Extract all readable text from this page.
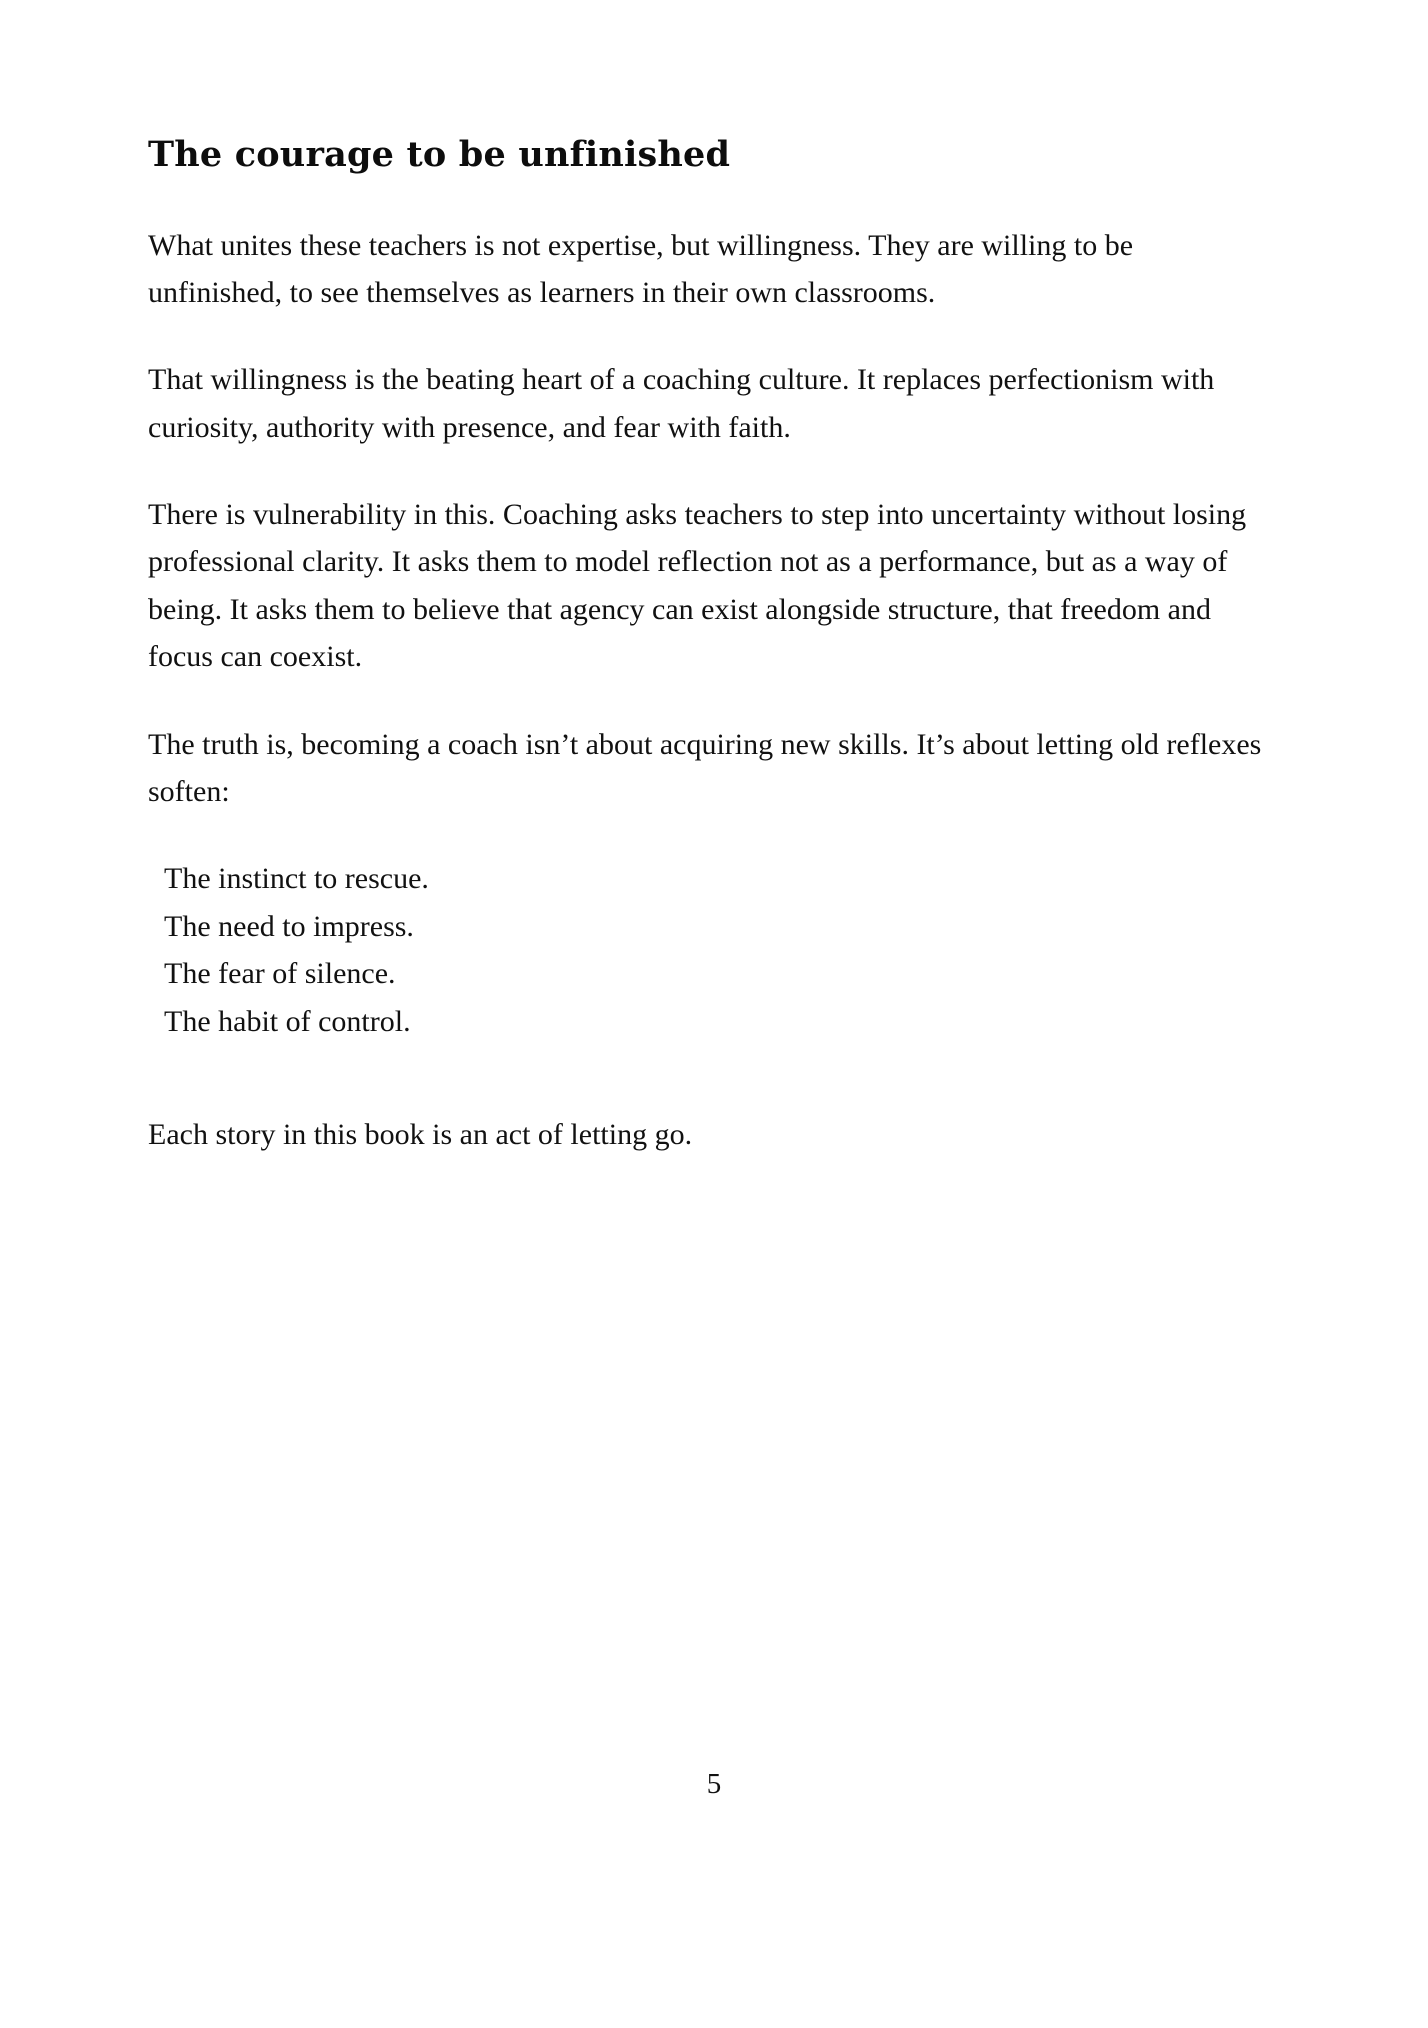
The courage to be unfinished

What unites these teachers is not expertise, but willingness. They are willing to be unfinished, to see themselves as learners in their own classrooms.

That willingness is the beating heart of a coaching culture. It replaces perfectionism with curiosity, authority with presence, and fear with faith.

There is vulnerability in this. Coaching asks teachers to step into uncertainty without losing professional clarity. It asks them to model reflection not as a performance, but as a way of being. It asks them to believe that agency can exist alongside structure, that freedom and focus can coexist.

The truth is, becoming a coach isn’t about acquiring new skills. It’s about letting old reflexes soften:

The instinct to rescue.
The need to impress.
The fear of silence.
The habit of control.

Each story in this book is an act of letting go.

5
